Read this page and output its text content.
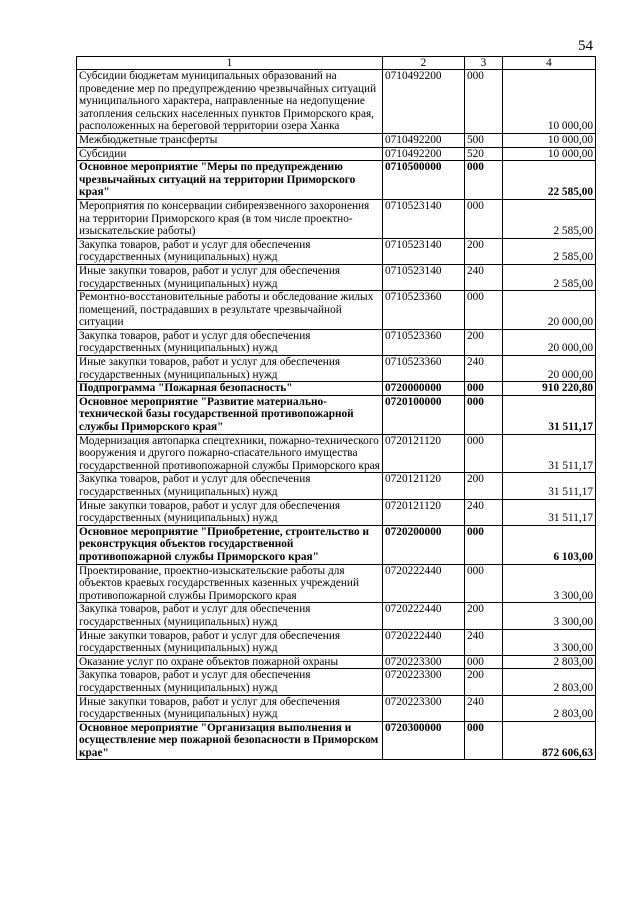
54
1	2	3	4
Субсидии бюджетам муниципальных образований на проведение мер по предупреждению чрезвычайных ситуаций муниципального характера, направленные на недопущение затопления сельских населенных пунктов Приморского края, расположенных на береговой территории озера Ханка	0710492200	000	10 000,00
Межбюджетные трансферты	0710492200	500	10 000,00
Субсидии	0710492200	520	10 000,00
Основное мероприятие "Меры по предупреждению чрезвычайных ситуаций на территории Приморского края"	0710500000	000	22 585,00
Мероприятия по консервации сибиреязвенного захоронения на территории Приморского края (в том числе проектно-изыскательские работы)	0710523140	000	2 585,00
Закупка товаров, работ и услуг для обеспечения государственных (муниципальных) нужд	0710523140	200	2 585,00
Иные закупки товаров, работ и услуг для обеспечения государственных (муниципальных) нужд	0710523140	240	2 585,00
Ремонтно-восстановительные работы и обследование жилых помещений, пострадавших в результате чрезвычайной ситуации	0710523360	000	20 000,00
Закупка товаров, работ и услуг для обеспечения государственных (муниципальных) нужд	0710523360	200	20 000,00
Иные закупки товаров, работ и услуг для обеспечения государственных (муниципальных) нужд	0710523360	240	20 000,00
Подпрограмма "Пожарная безопасность"	0720000000	000	910 220,80
Основное мероприятие "Развитие материально-технической базы государственной противопожарной службы Приморского края"	0720100000	000	31 511,17
Модернизация автопарка спецтехники, пожарно-технического вооружения и другого пожарно-спасательного имущества государственной противопожарной службы Приморского края	0720121120	000	31 511,17
Закупка товаров, работ и услуг для обеспечения государственных (муниципальных) нужд	0720121120	200	31 511,17
Иные закупки товаров, работ и услуг для обеспечения государственных (муниципальных) нужд	0720121120	240	31 511,17
Основное мероприятие "Приобретение, строительство и реконструкция объектов государственной противопожарной службы Приморского края"	0720200000	000	6 103,00
Проектирование, проектно-изыскательские работы для объектов краевых государственных казенных учреждений противопожарной службы Приморского края	0720222440	000	3 300,00
Закупка товаров, работ и услуг для обеспечения государственных (муниципальных) нужд	0720222440	200	3 300,00
Иные закупки товаров, работ и услуг для обеспечения государственных (муниципальных) нужд	0720222440	240	3 300,00
Оказание услуг по охране объектов пожарной охраны	0720223300	000	2 803,00
Закупка товаров, работ и услуг для обеспечения государственных (муниципальных) нужд	0720223300	200	2 803,00
Иные закупки товаров, работ и услуг для обеспечения государственных (муниципальных) нужд	0720223300	240	2 803,00
Основное мероприятие "Организация выполнения и осуществление мер пожарной безопасности в Приморском крае"	0720300000	000	872 606,63
